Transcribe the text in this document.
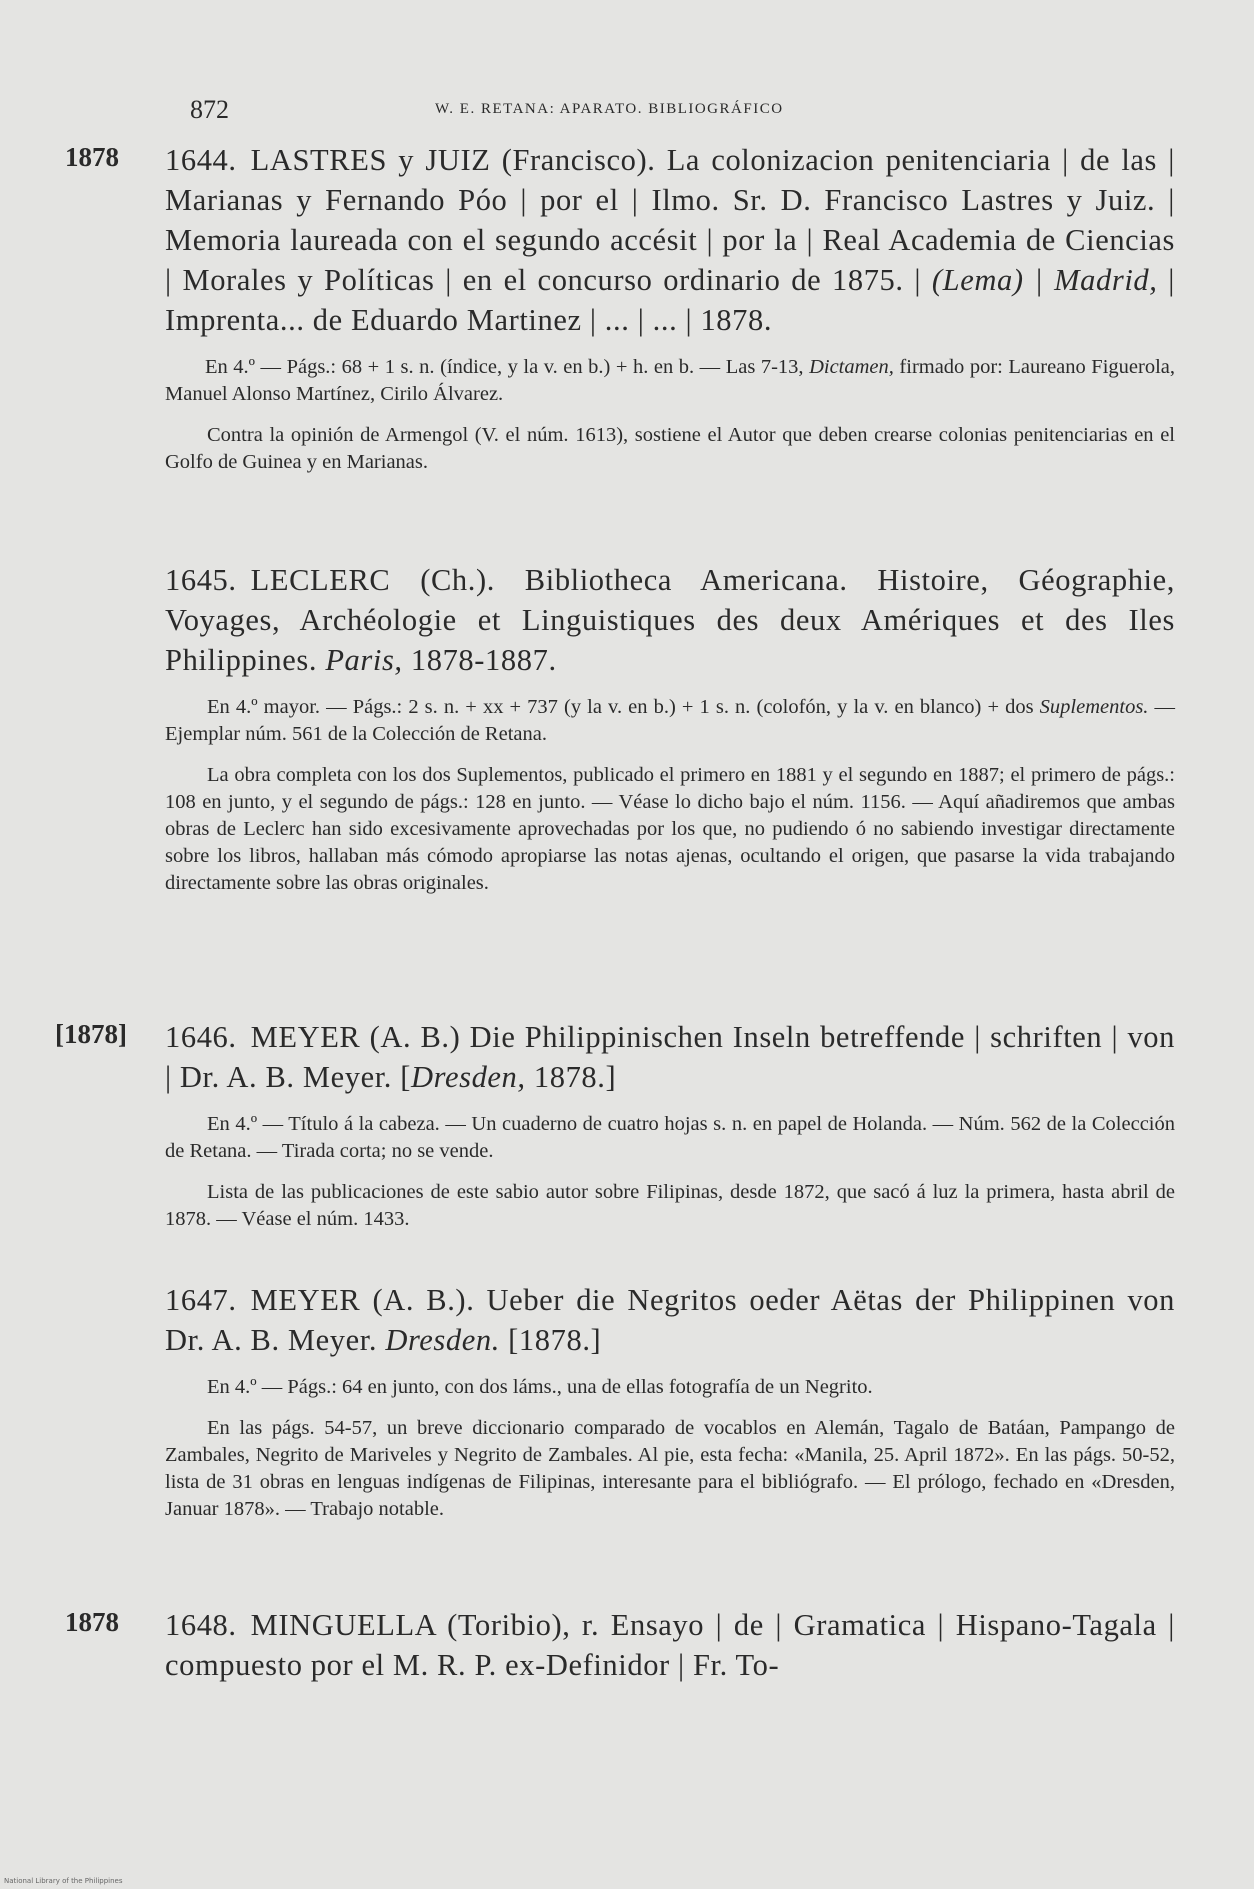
872	W. E. RETANA: APARATO. BIBLIOGRÁFICO
1878 1644. LASTRES y JUIZ (Francisco). La colonizacion penitenciaria | de las | Marianas y Fernando Póo | por el | Ilmo. Sr. D. Francisco Lastres y Juiz. | Memoria laureada con el segundo accésit | por la | Real Academia de Ciencias | Morales y Políticas | en el concurso ordinario de 1875. | (Lema) | Madrid, | Imprenta... de Eduardo Martinez | ... | ... | 1878.

En 4.º — Págs.: 68 + 1 s. n. (índice, y la v. en b.) + h. en b. — Las 7-13, Dictamen, firmado por: Laureano Figuerola, Manuel Alonso Martínez, Cirilo Álvarez.

Contra la opinión de Armengol (V. el núm. 1613), sostiene el Autor que deben crearse colonias penitenciarias en el Golfo de Guinea y en Marianas.

1645. LECLERC (Ch.). Bibliotheca Americana. Histoire, Géographie, Voyages, Archéologie et Linguistiques des deux Amériques et des Iles Philippines. Paris, 1878-1887.

En 4.º mayor. — Págs.: 2 s. n. + xx + 737 (y la v. en b.) + 1 s. n. (colofón, y la v. en blanco) + dos Suplementos. — Ejemplar núm. 561 de la Colección de Retana.

La obra completa con los dos Suplementos, publicado el primero en 1881 y el segundo en 1887; el primero de págs.: 108 en junto, y el segundo de págs.: 128 en junto. — Véase lo dicho bajo el núm. 1156. — Aquí añadiremos que ambas obras de Leclerc han sido excesivamente aprovechadas por los que, no pudiendo ó no sabiendo investigar directamente sobre los libros, hallaban más cómodo apropiarse las notas ajenas, ocultando el origen, que pasarse la vida trabajando directamente sobre las obras originales.

[1878] 1646. MEYER (A. B.) Die Philippinischen Inseln betreffende | schriften | von | Dr. A. B. Meyer. [Dresden, 1878.]

En 4.º — Título á la cabeza. — Un cuaderno de cuatro hojas s. n. en papel de Holanda. — Núm. 562 de la Colección de Retana. — Tirada corta; no se vende.

Lista de las publicaciones de este sabio autor sobre Filipinas, desde 1872, que sacó á luz la primera, hasta abril de 1878. — Véase el núm. 1433.

1647. MEYER (A. B.). Ueber die Negritos oeder Aëtas der Philippinen von Dr. A. B. Meyer. Dresden. [1878.]

En 4.º — Págs.: 64 en junto, con dos láms., una de ellas fotografía de un Negrito.

En las págs. 54-57, un breve diccionario comparado de vocablos en Alemán, Tagalo de Batáan, Pampango de Zambales, Negrito de Mariveles y Negrito de Zambales. Al pie, esta fecha: «Manila, 25. April 1872». En las págs. 50-52, lista de 31 obras en lenguas indígenas de Filipinas, interesante para el bibliógrafo. — El prólogo, fechado en «Dresden, Januar 1878». — Trabajo notable.

1878 1648. MINGUELLA (Toribio), r. Ensayo | de | Gramatica | Hispano-Tagala | compuesto por el M. R. P. ex-Definidor | Fr. To-

National Library of the Philippines
